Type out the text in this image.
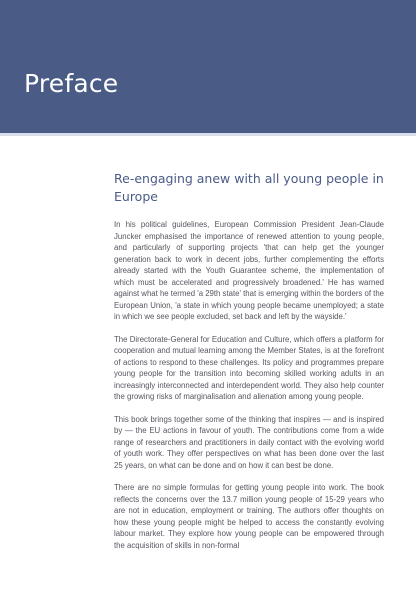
Preface
Re-engaging anew with all young people in Europe

In his political guidelines, European Commission President Jean-Claude Juncker emphasised the importance of renewed attention to young people, and particularly of supporting projects 'that can help get the younger generation back to work in decent jobs, further complementing the efforts already started with the Youth Guarantee scheme, the implementation of which must be accelerated and progressively broadened.' He has warned against what he termed 'a 29th state' that is emerging within the borders of the European Union, 'a state in which young people became unemployed; a state in which we see people excluded, set back and left by the wayside.'

The Directorate-General for Education and Culture, which offers a platform for cooperation and mutual learning among the Member States, is at the forefront of actions to respond to these challenges. Its policy and programmes prepare young people for the transition into becoming skilled working adults in an increasingly interconnected and interdependent world. They also help counter the growing risks of marginalisation and alienation among young people.

This book brings together some of the thinking that inspires — and is inspired by — the EU actions in favour of youth. The contributions come from a wide range of researchers and practitioners in daily contact with the evolving world of youth work. They offer perspectives on what has been done over the last 25 years, on what can be done and on how it can best be done.

There are no simple formulas for getting young people into work. The book reflects the concerns over the 13.7 million young people of 15-29 years who are not in education, employment or training. The authors offer thoughts on how these young people might be helped to access the constantly evolving labour market. They explore how young people can be empowered through the acquisition of skills in non-formal
